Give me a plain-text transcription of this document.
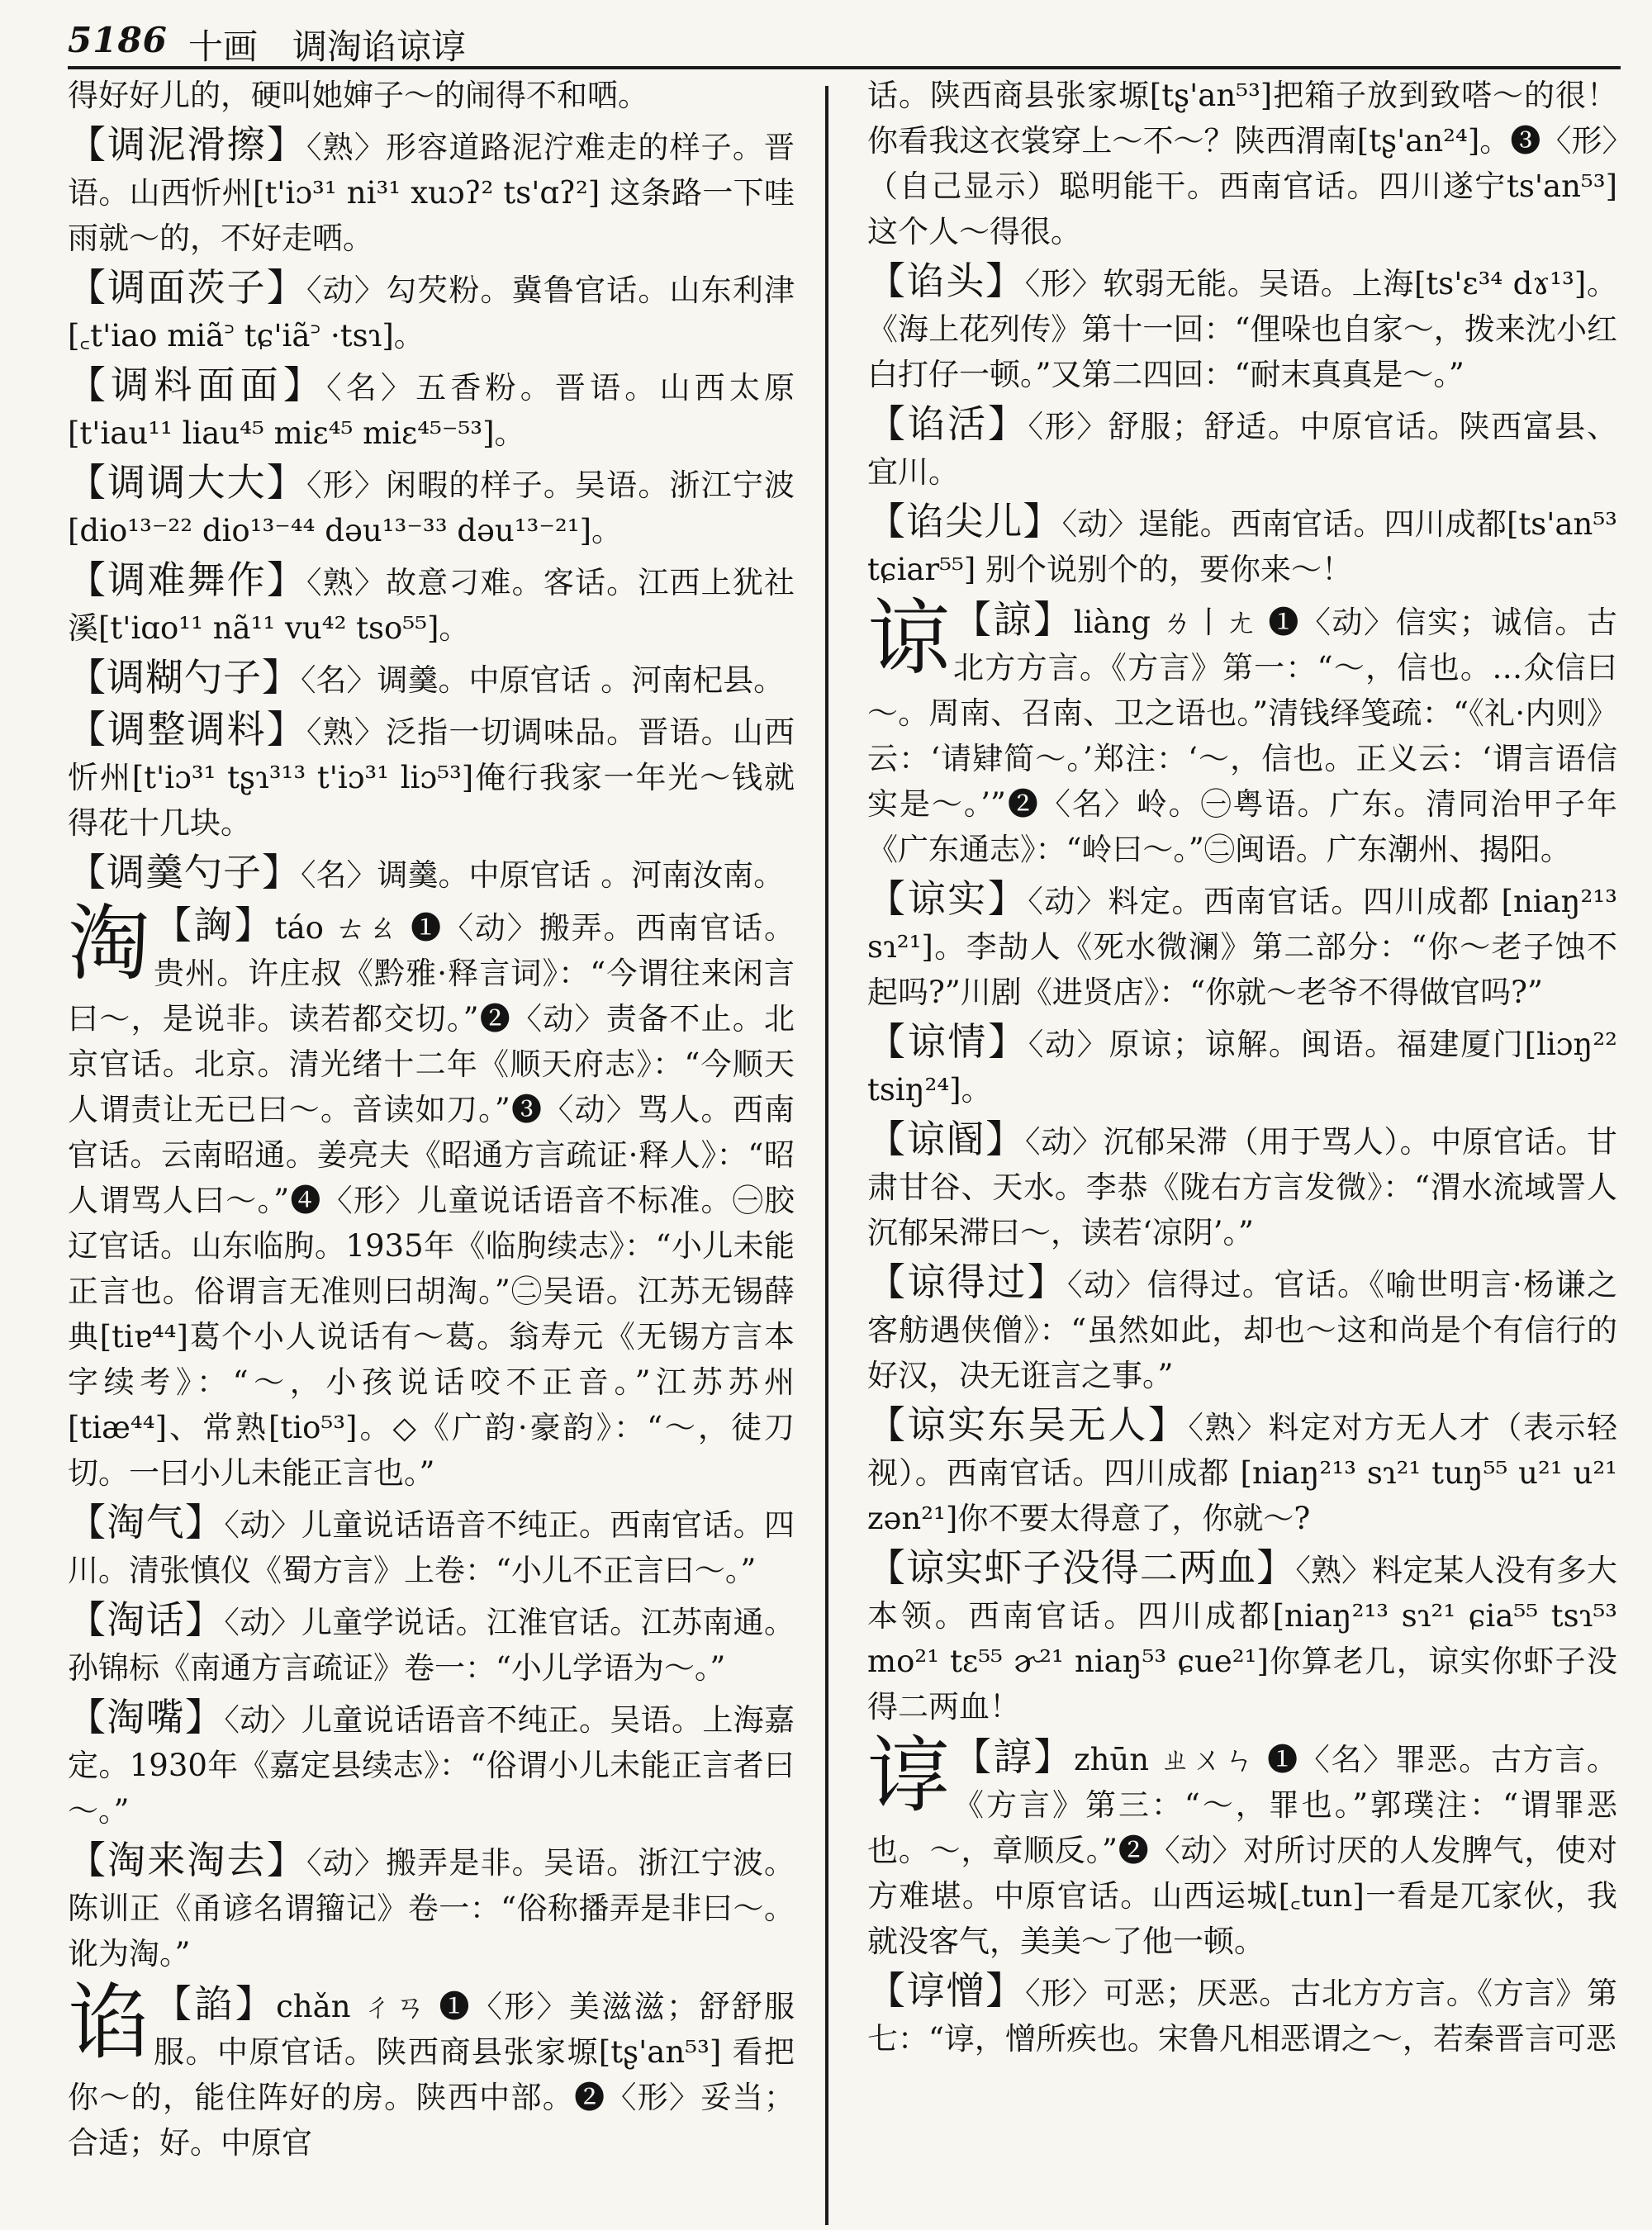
5186 十画 调淘谄谅谆
得好好儿的，硬叫她婶子～的闹得不和哂。
【调泥滑擦】〈熟〉形容道路泥泞难走的样子。晋语。山西忻州[t'iɔ³¹ ni³¹ xuɔʔ² ts'ɑʔ²] 这条路一下哇雨就～的，不好走哂。
【调面茨子】〈动〉勾芡粉。冀鲁官话。山东利津[꜀t'iao miã꜄ tɕ'iã꜄ ·tsɿ]。
【调料面面】〈名〉五香粉。晋语。山西太原[t'iau¹¹ liau⁴⁵ miɛ⁴⁵ miɛ⁴⁵⁻⁵³]。
【调调大大】〈形〉闲暇的样子。吴语。浙江宁波[dio¹³⁻²² dio¹³⁻⁴⁴ dəu¹³⁻³³ dəu¹³⁻²¹]。
【调难舞作】〈熟〉故意刁难。客话。江西上犹社溪[t'iɑo¹¹ nã¹¹ vu⁴² tso⁵⁵]。
【调糊勺子】〈名〉调羹。中原官话 。河南杞县。
【调整调料】〈熟〉泛指一切调味品。晋语。山西忻州[t'iɔ³¹ tʂɿ³¹³ t'iɔ³¹ liɔ⁵³]俺行我家一年光～钱就得花十几块。
【调羹勺子】〈名〉调羹。中原官话 。河南汝南。
淘 【詾】táo ㄊㄠ ❶〈动〉搬弄。西南官话。贵州。许庄叔《黔雅·释言词》：“今谓往来闲言曰～，是说非。读若都交切。”❷〈动〉责备不止。北京官话。北京。清光绪十二年《顺天府志》：“今顺天人谓责让无已曰～。音读如刀。”❸〈动〉骂人。西南官话。云南昭通。姜亮夫《昭通方言疏证·释人》：“昭人谓骂人曰～。”❹〈形〉儿童说话语音不标准。㊀胶辽官话。山东临朐。1935年《临朐续志》：“小儿未能正言也。俗谓言无准则曰胡淘。”㊁吴语。江苏无锡薛典[tiɐ⁴⁴]葛个小人说话有～葛。翁寿元《无锡方言本字续考》：“～，小孩说话咬不正音。”江苏苏州 [tiæ⁴⁴]、常熟[tio⁵³]。◇《广韵·豪韵》：“～，徒刀切。一曰小儿未能正言也。”
【淘气】〈动〉儿童说话语音不纯正。西南官话。四川。清张慎仪《蜀方言》上卷：“小儿不正言曰～。”
【淘话】〈动〉儿童学说话。江淮官话。江苏南通。孙锦标《南通方言疏证》卷一：“小儿学语为～。”
【淘嘴】〈动〉儿童说话语音不纯正。吴语。上海嘉定。1930年《嘉定县续志》：“俗谓小儿未能正言者曰～。”
【淘来淘去】〈动〉搬弄是非。吴语。浙江宁波。陈训正《甬谚名谓籀记》卷一：“俗称播弄是非曰～。讹为淘。”
谄 【諂】chǎn ㄔㄢ ❶〈形〉美滋滋；舒舒服服。中原官话。陕西商县张家塬[tʂ'an⁵³] 看把你～的，能住阵好的房。陕西中部。❷〈形〉妥当；合适；好。中原官
话。陕西商县张家塬[tʂ'an⁵³]把箱子放到致嗒～的很！你看我这衣裳穿上～不～？陕西渭南[tʂ'an²⁴]。❸〈形〉（自己显示）聪明能干。西南官话。四川遂宁ts'an⁵³]这个人～得很。
【谄头】〈形〉软弱无能。吴语。上海[ts'ɛ³⁴ dɤ¹³]。《海上花列传》第十一回：“俚哚也自家～，拨来沈小红白打仔一顿。”又第二四回：“耐末真真是～。”
【谄活】〈形〉舒服；舒适。中原官话。陕西富县、宜川。
【谄尖儿】〈动〉逞能。西南官话。四川成都[ts'an⁵³ tɕiar⁵⁵] 别个说别个的，要你来～！
谅 【諒】liàng ㄌ丨ㄤ ❶〈动〉信实；诚信。古北方方言。《方言》第一：“～，信也。…众信曰～。周南、召南、卫之语也。”清钱绎笺疏：“《礼·内则》云：‘请肄简～。’郑注：‘～，信也。正义云：‘谓言语信实是～。’”❷〈名〉岭。㊀粤语。广东。清同治甲子年《广东通志》：“岭曰～。”㊁闽语。广东潮州、揭阳。
【谅实】〈动〉料定。西南官话。四川成都 [niaŋ²¹³ sɿ²¹]。李劼人《死水微澜》第二部分：“你～老子蚀不起吗?”川剧《进贤店》：“你就～老爷不得做官吗?”
【谅情】〈动〉原谅；谅解。闽语。福建厦门[liɔŋ²² tsiŋ²⁴]。
【谅阍】〈动〉沉郁呆滞（用于骂人）。中原官话。甘肃甘谷、天水。李恭《陇右方言发微》：“渭水流域詈人沉郁呆滞曰～，读若‘凉阴’。”
【谅得过】〈动〉信得过。官话。《喻世明言·杨谦之客舫遇侠僧》：“虽然如此，却也～这和尚是个有信行的好汉，决无诳言之事。”
【谅实东吴无人】〈熟〉料定对方无人才（表示轻视）。西南官话。四川成都 [niaŋ²¹³ sɿ²¹ tuŋ⁵⁵ u²¹ u²¹ zən²¹]你不要太得意了，你就～?
【谅实虾子没得二两血】〈熟〉料定某人没有多大本领。西南官话。四川成都[niaŋ²¹³ sɿ²¹ ɕia⁵⁵ tsɿ⁵³ mo²¹ tɛ⁵⁵ ɚ²¹ niaŋ⁵³ ɕue²¹]你算老几，谅实你虾子没得二两血！
谆 【諄】zhūn ㄓㄨㄣ ❶〈名〉罪恶。古方言。《方言》第三：“～，罪也。”郭璞注：“谓罪恶也。～，章顺反。”❷〈动〉对所讨厌的人发脾气，使对方难堪。中原官话。山西运城[꜀tun]一看是兀家伙，我就没客气，美美～了他一顿。
【谆憎】〈形〉可恶；厌恶。古北方方言。《方言》第七：“谆，憎所疾也。宋鲁凡相恶谓之～，若秦晋言可恶
